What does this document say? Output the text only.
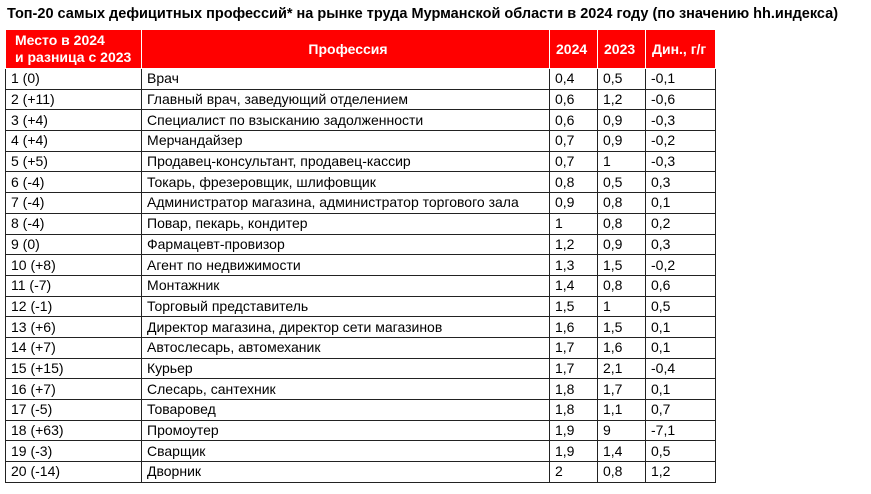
Топ-20 самых дефицитных профессий* на рынке труда Мурманской области в 2024 году (по значению hh.индекса)
Место в 2024
и разница с 2023	Профессия	2024	2023	Дин., г/г
1 (0)	Врач	0,4	0,5	-0,1
2 (+11)	Главный врач, заведующий отделением	0,6	1,2	-0,6
3 (+4)	Специалист по взысканию задолженности	0,6	0,9	-0,3
4 (+4)	Мерчандайзер	0,7	0,9	-0,2
5 (+5)	Продавец-консультант, продавец-кассир	0,7	1	-0,3
6 (-4)	Токарь, фрезеровщик, шлифовщик	0,8	0,5	0,3
7 (-4)	Администратор магазина, администратор торгового зала	0,9	0,8	0,1
8 (-4)	Повар, пекарь, кондитер	1	0,8	0,2
9 (0)	Фармацевт-провизор	1,2	0,9	0,3
10 (+8)	Агент по недвижимости	1,3	1,5	-0,2
11 (-7)	Монтажник	1,4	0,8	0,6
12 (-1)	Торговый представитель	1,5	1	0,5
13 (+6)	Директор магазина, директор сети магазинов	1,6	1,5	0,1
14 (+7)	Автослесарь, автомеханик	1,7	1,6	0,1
15 (+15)	Курьер	1,7	2,1	-0,4
16 (+7)	Слесарь, сантехник	1,8	1,7	0,1
17 (-5)	Товаровед	1,8	1,1	0,7
18 (+63)	Промоутер	1,9	9	-7,1
19 (-3)	Сварщик	1,9	1,4	0,5
20 (-14)	Дворник	2	0,8	1,2
